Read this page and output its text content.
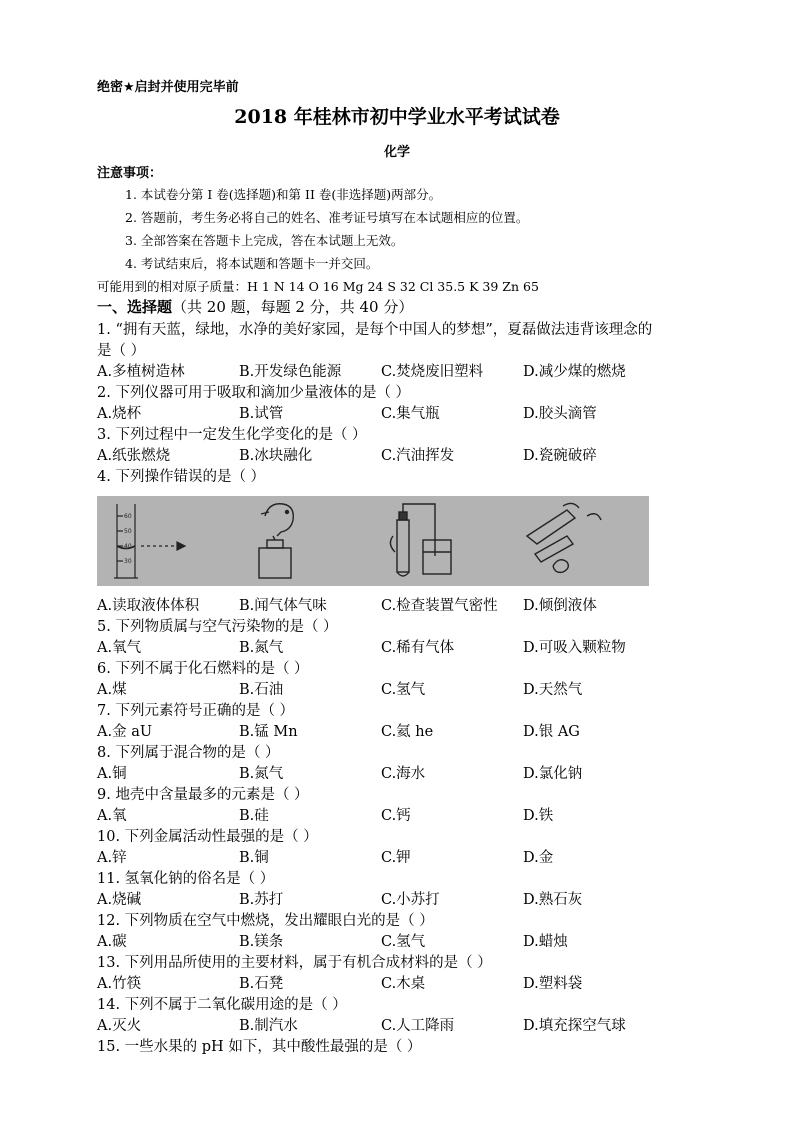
绝密★启封并使用完毕前
2018 年桂林市初中学业水平考试试卷
化学
注意事项：
1. 本试卷分第 I 卷(选择题)和第 II 卷(非选择题)两部分。
2. 答题前，考生务必将自己的姓名、准考证号填写在本试题相应的位置。
3. 全部答案在答题卡上完成，答在本试题上无效。
4. 考试结束后，将本试题和答题卡一并交回。
可能用到的相对原子质量：H 1 N 14 O 16 Mg 24 S 32 Cl 35.5 K 39 Zn 65
一、选择题（共 20 题，每题 2 分，共 40 分）
1. “拥有天蓝，绿地，水净的美好家园，是每个中国人的梦想”，夏磊做法违背该理念的
是（ ）
A.多植树造林	B.开发绿色能源	C.焚烧废旧塑料	D.减少煤的燃烧
2. 下列仪器可用于吸取和滴加少量液体的是（ ）
A.烧杯	B.试管	C.集气瓶	D.胶头滴管
3. 下列过程中一定发生化学变化的是（ ）
A.纸张燃烧	B.冰块融化	C.汽油挥发	D.瓷碗破碎
4. 下列操作错误的是（ ）
60
50
40
30
A.读取液体体积	B.闻气体气味	C.检查装置气密性 D.倾倒液体
5. 下列物质属与空气污染物的是（ ）
A.氧气	B.氮气	C.稀有气体	D.可吸入颗粒物
6. 下列不属于化石燃料的是（ ）
A.煤	B.石油	C.氢气	D.天然气
7. 下列元素符号正确的是（ ）
A.金 aU	B.锰 Mn	C.氦 he	D.银 AG
8. 下列属于混合物的是（ ）
A.铜	B.氮气	C.海水	D.氯化钠
9. 地壳中含量最多的元素是（ ）
A.氧	B.硅	C.钙	D.铁
10. 下列金属活动性最强的是（ ）
A.锌	B.铜	C.钾	D.金
11. 氢氧化钠的俗名是（ ）
A.烧碱	B.苏打	C.小苏打	D.熟石灰
12. 下列物质在空气中燃烧，发出耀眼白光的是（ ）
A.碳	B.镁条	C.氢气	D.蜡烛
13. 下列用品所使用的主要材料，属于有机合成材料的是（ ）
A.竹筷	B.石凳	C.木桌	D.塑料袋
14. 下列不属于二氧化碳用途的是（ ）
A.灭火	B.制汽水	C.人工降雨	D.填充探空气球
15. 一些水果的 pH 如下，其中酸性最强的是（ ）
